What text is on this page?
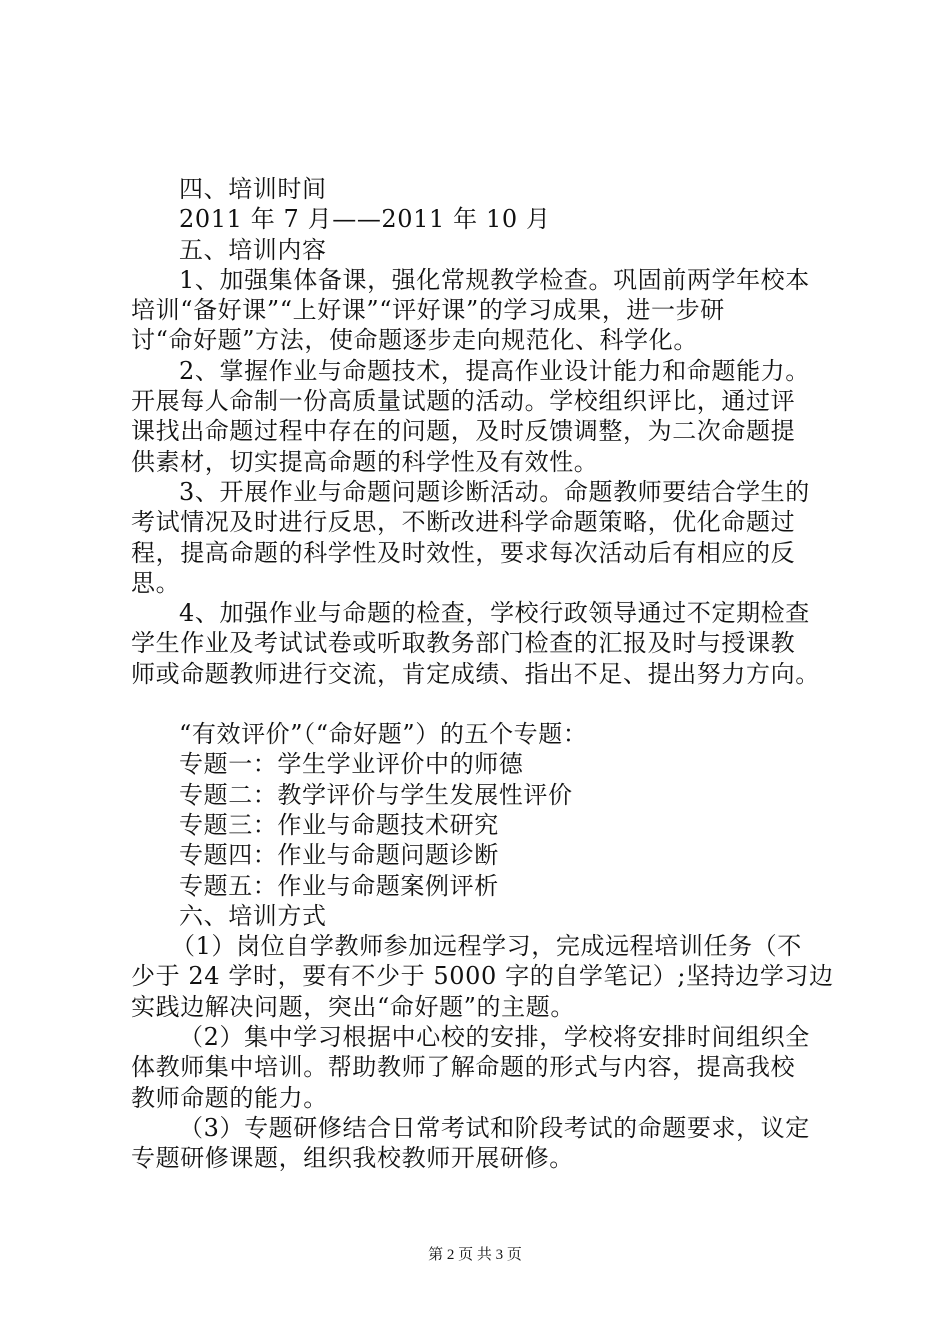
四、培训时间
2011 年 7 月——2011 年 10 月
五、培训内容
1、加强集体备课，强化常规教学检查。巩固前两学年校本
培训“备好课”“上好课”“评好课”的学习成果，进一步研
讨“命好题”方法，使命题逐步走向规范化、科学化。
2、掌握作业与命题技术，提高作业设计能力和命题能力。
开展每人命制一份高质量试题的活动。学校组织评比，通过评
课找出命题过程中存在的问题，及时反馈调整，为二次命题提
供素材，切实提高命题的科学性及有效性。
3、开展作业与命题问题诊断活动。命题教师要结合学生的
考试情况及时进行反思，不断改进科学命题策略，优化命题过
程，提高命题的科学性及时效性，要求每次活动后有相应的反
思。
4、加强作业与命题的检查，学校行政领导通过不定期检查
学生作业及考试试卷或听取教务部门检查的汇报及时与授课教
师或命题教师进行交流，肯定成绩、指出不足、提出努力方向。
“有效评价”（“命好题”）的五个专题：
专题一：学生学业评价中的师德
专题二：教学评价与学生发展性评价
专题三：作业与命题技术研究
专题四：作业与命题问题诊断
专题五：作业与命题案例评析
六、培训方式
（1）岗位自学教师参加远程学习，完成远程培训任务（不
少于 24 学时，要有不少于 5000 字的自学笔记）;坚持边学习边
实践边解决问题，突出“命好题”的主题。
（2）集中学习根据中心校的安排，学校将安排时间组织全
体教师集中培训。帮助教师了解命题的形式与内容，提高我校
教师命题的能力。
（3）专题研修结合日常考试和阶段考试的命题要求，议定
专题研修课题，组织我校教师开展研修。
第 2 页 共 3 页
